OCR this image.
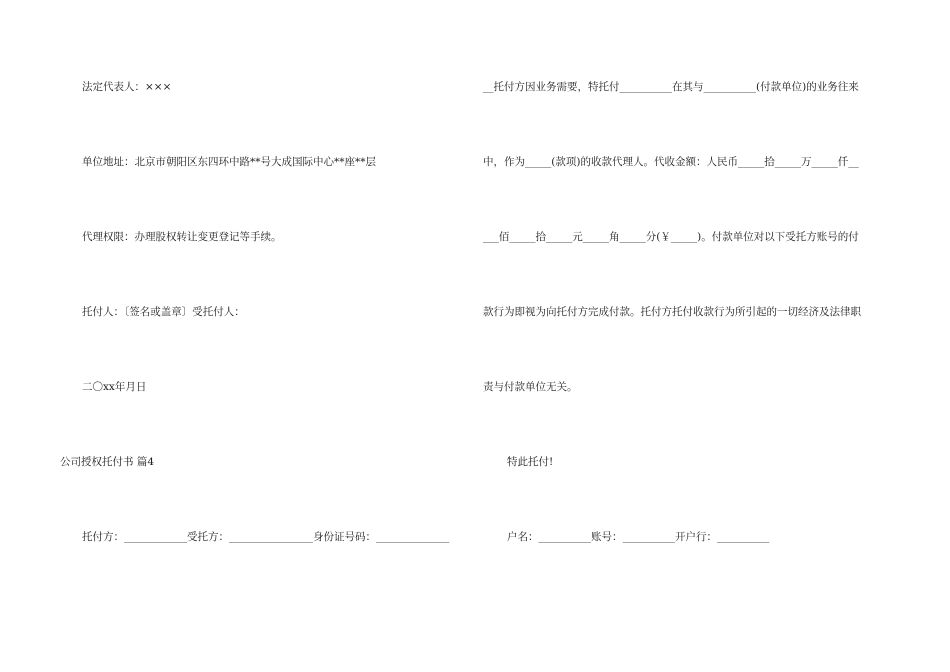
法定代表人：×××
单位地址：北京市朝阳区东四环中路**号大成国际中心**座**层
代理权限：办理股权转让变更登记等手续。
托付人：〔签名或盖章〕受托付人：
二〇xx年月日
公司授权托付书 篇4
托付方：____________受托方：________________身份证号码：______________
__托付方因业务需要，特托付__________在其与__________(付款单位)的业务往来
中，作为_____(款项)的收款代理人。代收金额：人民币_____拾_____万_____仟__
___佰_____拾_____元_____角_____分(￥_____)。付款单位对以下受托方账号的付
款行为即视为向托付方完成付款。托付方托付收款行为所引起的一切经济及法律职
责与付款单位无关。
特此托付!
户名：__________账号：__________开户行：__________
